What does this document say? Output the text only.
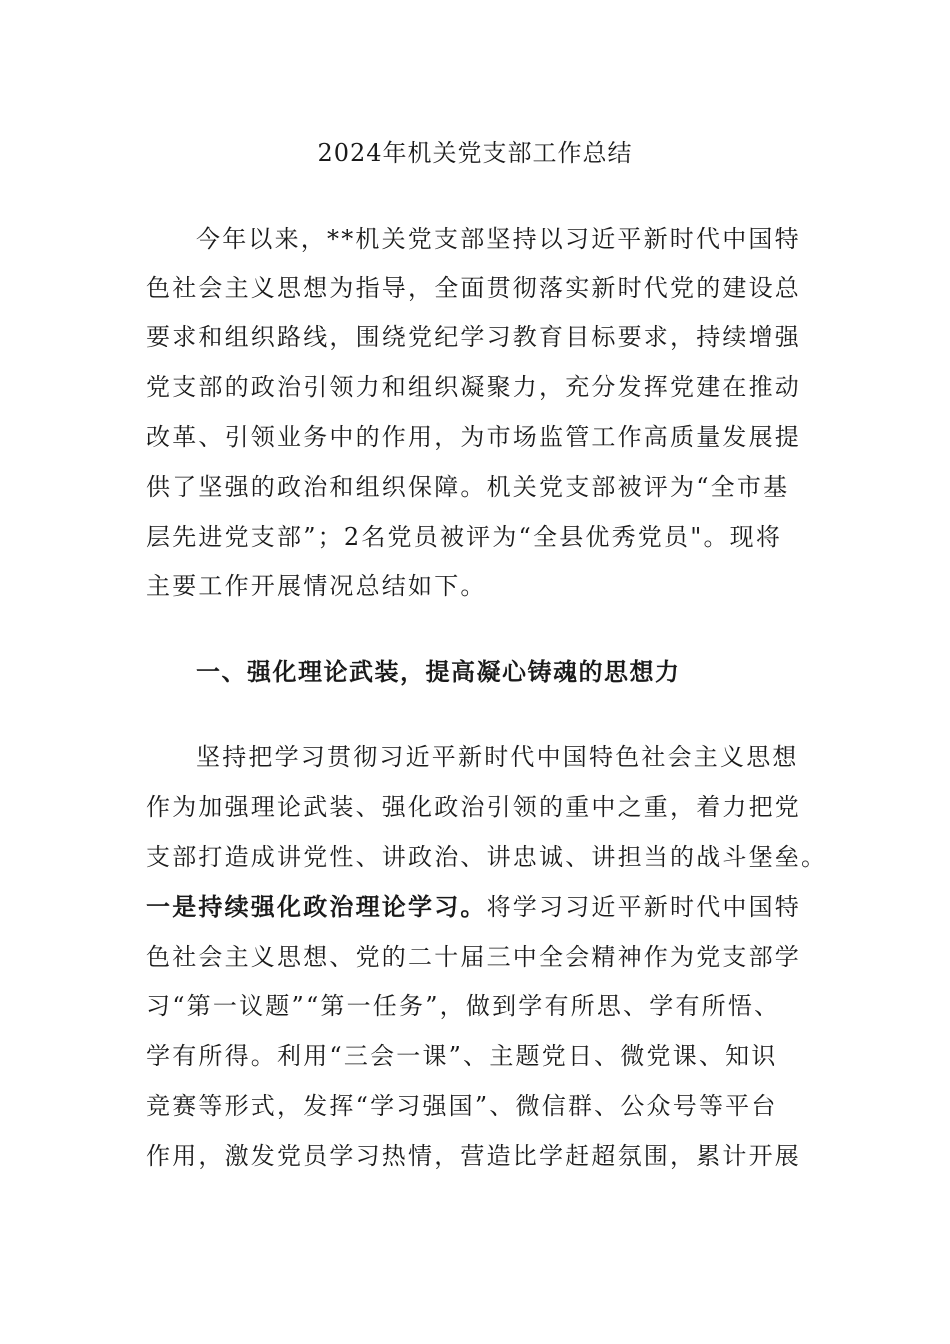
2024年机关党支部工作总结
今年以来，**机关党支部坚持以习近平新时代中国特
色社会主义思想为指导，全面贯彻落实新时代党的建设总
要求和组织路线，围绕党纪学习教育目标要求，持续增强
党支部的政治引领力和组织凝聚力，充分发挥党建在推动
改革、引领业务中的作用，为市场监管工作高质量发展提
供了坚强的政治和组织保障。机关党支部被评为“全市基
层先进党支部”；2名党员被评为“全县优秀党员"。现将
主要工作开展情况总结如下。
一、强化理论武装，提高凝心铸魂的思想力
坚持把学习贯彻习近平新时代中国特色社会主义思想
作为加强理论武装、强化政治引领的重中之重，着力把党
支部打造成讲党性、讲政治、讲忠诚、讲担当的战斗堡垒。
一是持续强化政治理论学习。将学习习近平新时代中国特
色社会主义思想、党的二十届三中全会精神作为党支部学
习“第一议题”“第一任务”，做到学有所思、学有所悟、
学有所得。利用“三会一课”、主题党日、微党课、知识
竞赛等形式，发挥“学习强国”、微信群、公众号等平台
作用，激发党员学习热情，营造比学赶超氛围，累计开展
